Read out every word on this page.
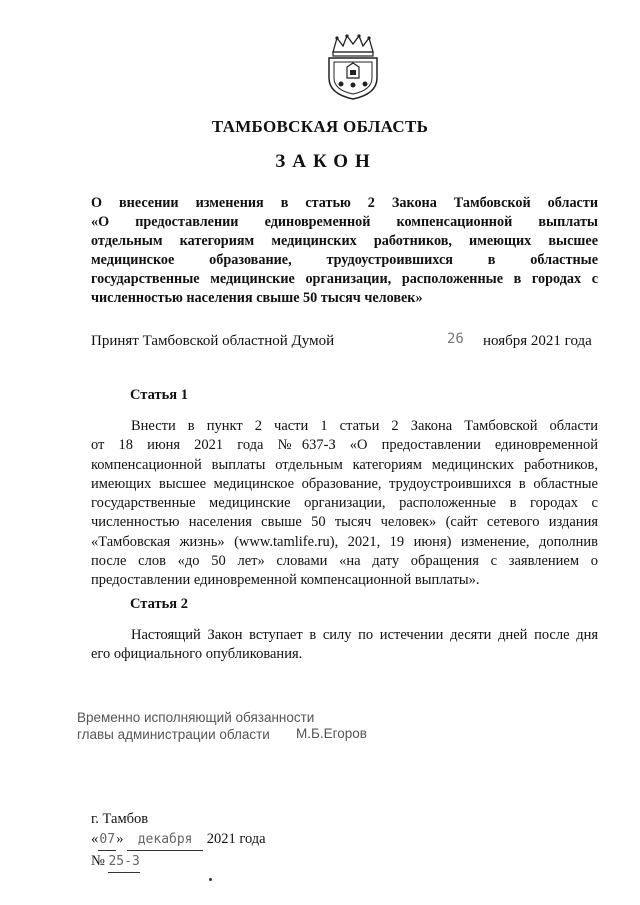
ТАМБОВСКАЯ ОБЛАСТЬ
ЗАКОН
О внесении изменения в статью 2 Закона Тамбовской области
«О предоставлении единовременной компенсационной выплаты
отдельным категориям медицинских работников, имеющих высшее
медицинское образование, трудоустроившихся в областные
государственные медицинские организации, расположенные в городах с
численностью населения свыше 50 тысяч человек»
Принят Тамбовской областной Думой	26 ноября 2021 года
Статья 1
Внести в пункт 2 части 1 статьи 2 Закона Тамбовской области
от 18 июня 2021 года №637-З «О предоставлении единовременной
компенсационной выплаты отдельным категориям медицинских работников,
имеющих высшее медицинское образование, трудоустроившихся в областные
государственные медицинские организации, расположенные в городах с
численностью населения свыше 50 тысяч человек» (сайт сетевого издания
«Тамбовская жизнь» (www.tamlife.ru), 2021, 19 июня) изменение, дополнив
после слов «до 50 лет» словами «на дату обращения с заявлением о
предоставлении единовременной компенсационной выплаты».
Статья 2
Настоящий Закон вступает в силу по истечении десяти дней после дня
его официального опубликования.
Временно исполняющий обязанности
главы администрации области	М.Б.Егоров
г. Тамбов
«07» декабря 2021 года
№ 25-З
